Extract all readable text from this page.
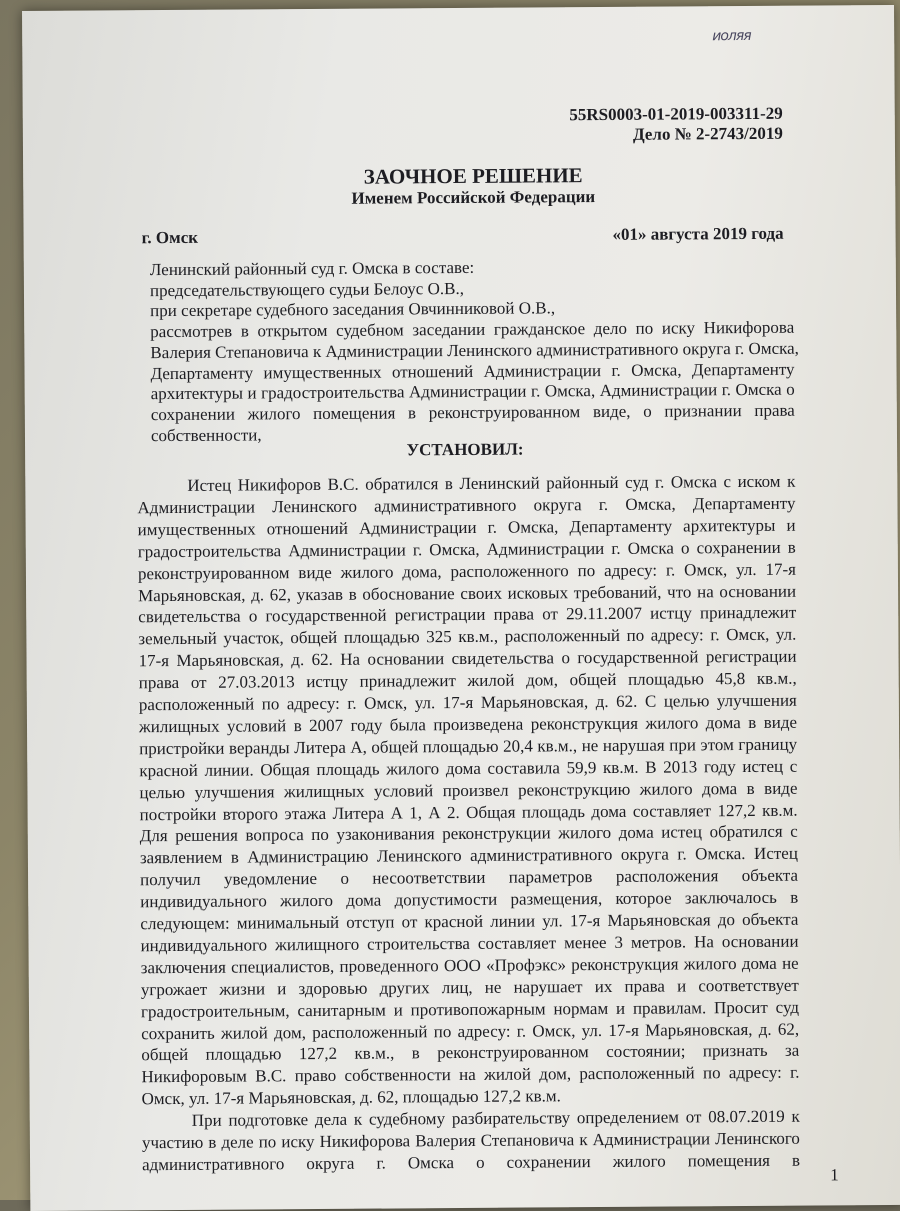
иоляя
55RS0003-01-2019-003311-29
Дело № 2-2743/2019
ЗАОЧНОЕ РЕШЕНИЕ
Именем Российской Федерации
г. Омск	«01» августа 2019 года
Ленинский районный суд г. Омска в составе:
председательствующего судьи Белоус О.В.,
при секретаре судебного заседания Овчинниковой О.В.,
рассмотрев в открытом судебном заседании гражданское дело по иску Никифорова
Валерия Степановича к Администрации Ленинского административного округа г. Омска,
Департаменту имущественных отношений Администрации г. Омска, Департаменту
архитектуры и градостроительства Администрации г. Омска, Администрации г. Омска о
сохранении жилого помещения в реконструированном виде, о признании права
собственности,
УСТАНОВИЛ:
Истец Никифоров В.С. обратился в Ленинский районный суд г. Омска с иском к
Администрации Ленинского административного округа г. Омска, Департаменту
имущественных отношений Администрации г. Омска, Департаменту архитектуры и
градостроительства Администрации г. Омска, Администрации г. Омска о сохранении в
реконструированном виде жилого дома, расположенного по адресу: г. Омск, ул. 17-я
Марьяновская, д. 62, указав в обоснование своих исковых требований, что на основании
свидетельства о государственной регистрации права от 29.11.2007 истцу принадлежит
земельный участок, общей площадью 325 кв.м., расположенный по адресу: г. Омск, ул.
17-я Марьяновская, д. 62. На основании свидетельства о государственной регистрации
права от 27.03.2013 истцу принадлежит жилой дом, общей площадью 45,8 кв.м.,
расположенный по адресу: г. Омск, ул. 17-я Марьяновская, д. 62. С целью улучшения
жилищных условий в 2007 году была произведена реконструкция жилого дома в виде
пристройки веранды Литера А, общей площадью 20,4 кв.м., не нарушая при этом границу
красной линии. Общая площадь жилого дома составила 59,9 кв.м. В 2013 году истец с
целью улучшения жилищных условий произвел реконструкцию жилого дома в виде
постройки второго этажа Литера А 1, А 2. Общая площадь дома составляет 127,2 кв.м.
Для решения вопроса по узаконивания реконструкции жилого дома истец обратился с
заявлением в Администрацию Ленинского административного округа г. Омска. Истец
получил уведомление о несоответствии параметров расположения объекта
индивидуального жилого дома допустимости размещения, которое заключалось в
следующем: минимальный отступ от красной линии ул. 17-я Марьяновская до объекта
индивидуального жилищного строительства составляет менее 3 метров. На основании
заключения специалистов, проведенного ООО «Профэкс» реконструкция жилого дома не
угрожает жизни и здоровью других лиц, не нарушает их права и соответствует
градостроительным, санитарным и противопожарным нормам и правилам. Просит суд
сохранить жилой дом, расположенный по адресу: г. Омск, ул. 17-я Марьяновская, д. 62,
общей площадью 127,2 кв.м., в реконструированном состоянии; признать за
Никифоровым В.С. право собственности на жилой дом, расположенный по адресу: г.
Омск, ул. 17-я Марьяновская, д. 62, площадью 127,2 кв.м.
При подготовке дела к судебному разбирательству определением от 08.07.2019 к
участию в деле по иску Никифорова Валерия Степановича к Администрации Ленинского
административного округа г. Омска о сохранении жилого помещения в
1
